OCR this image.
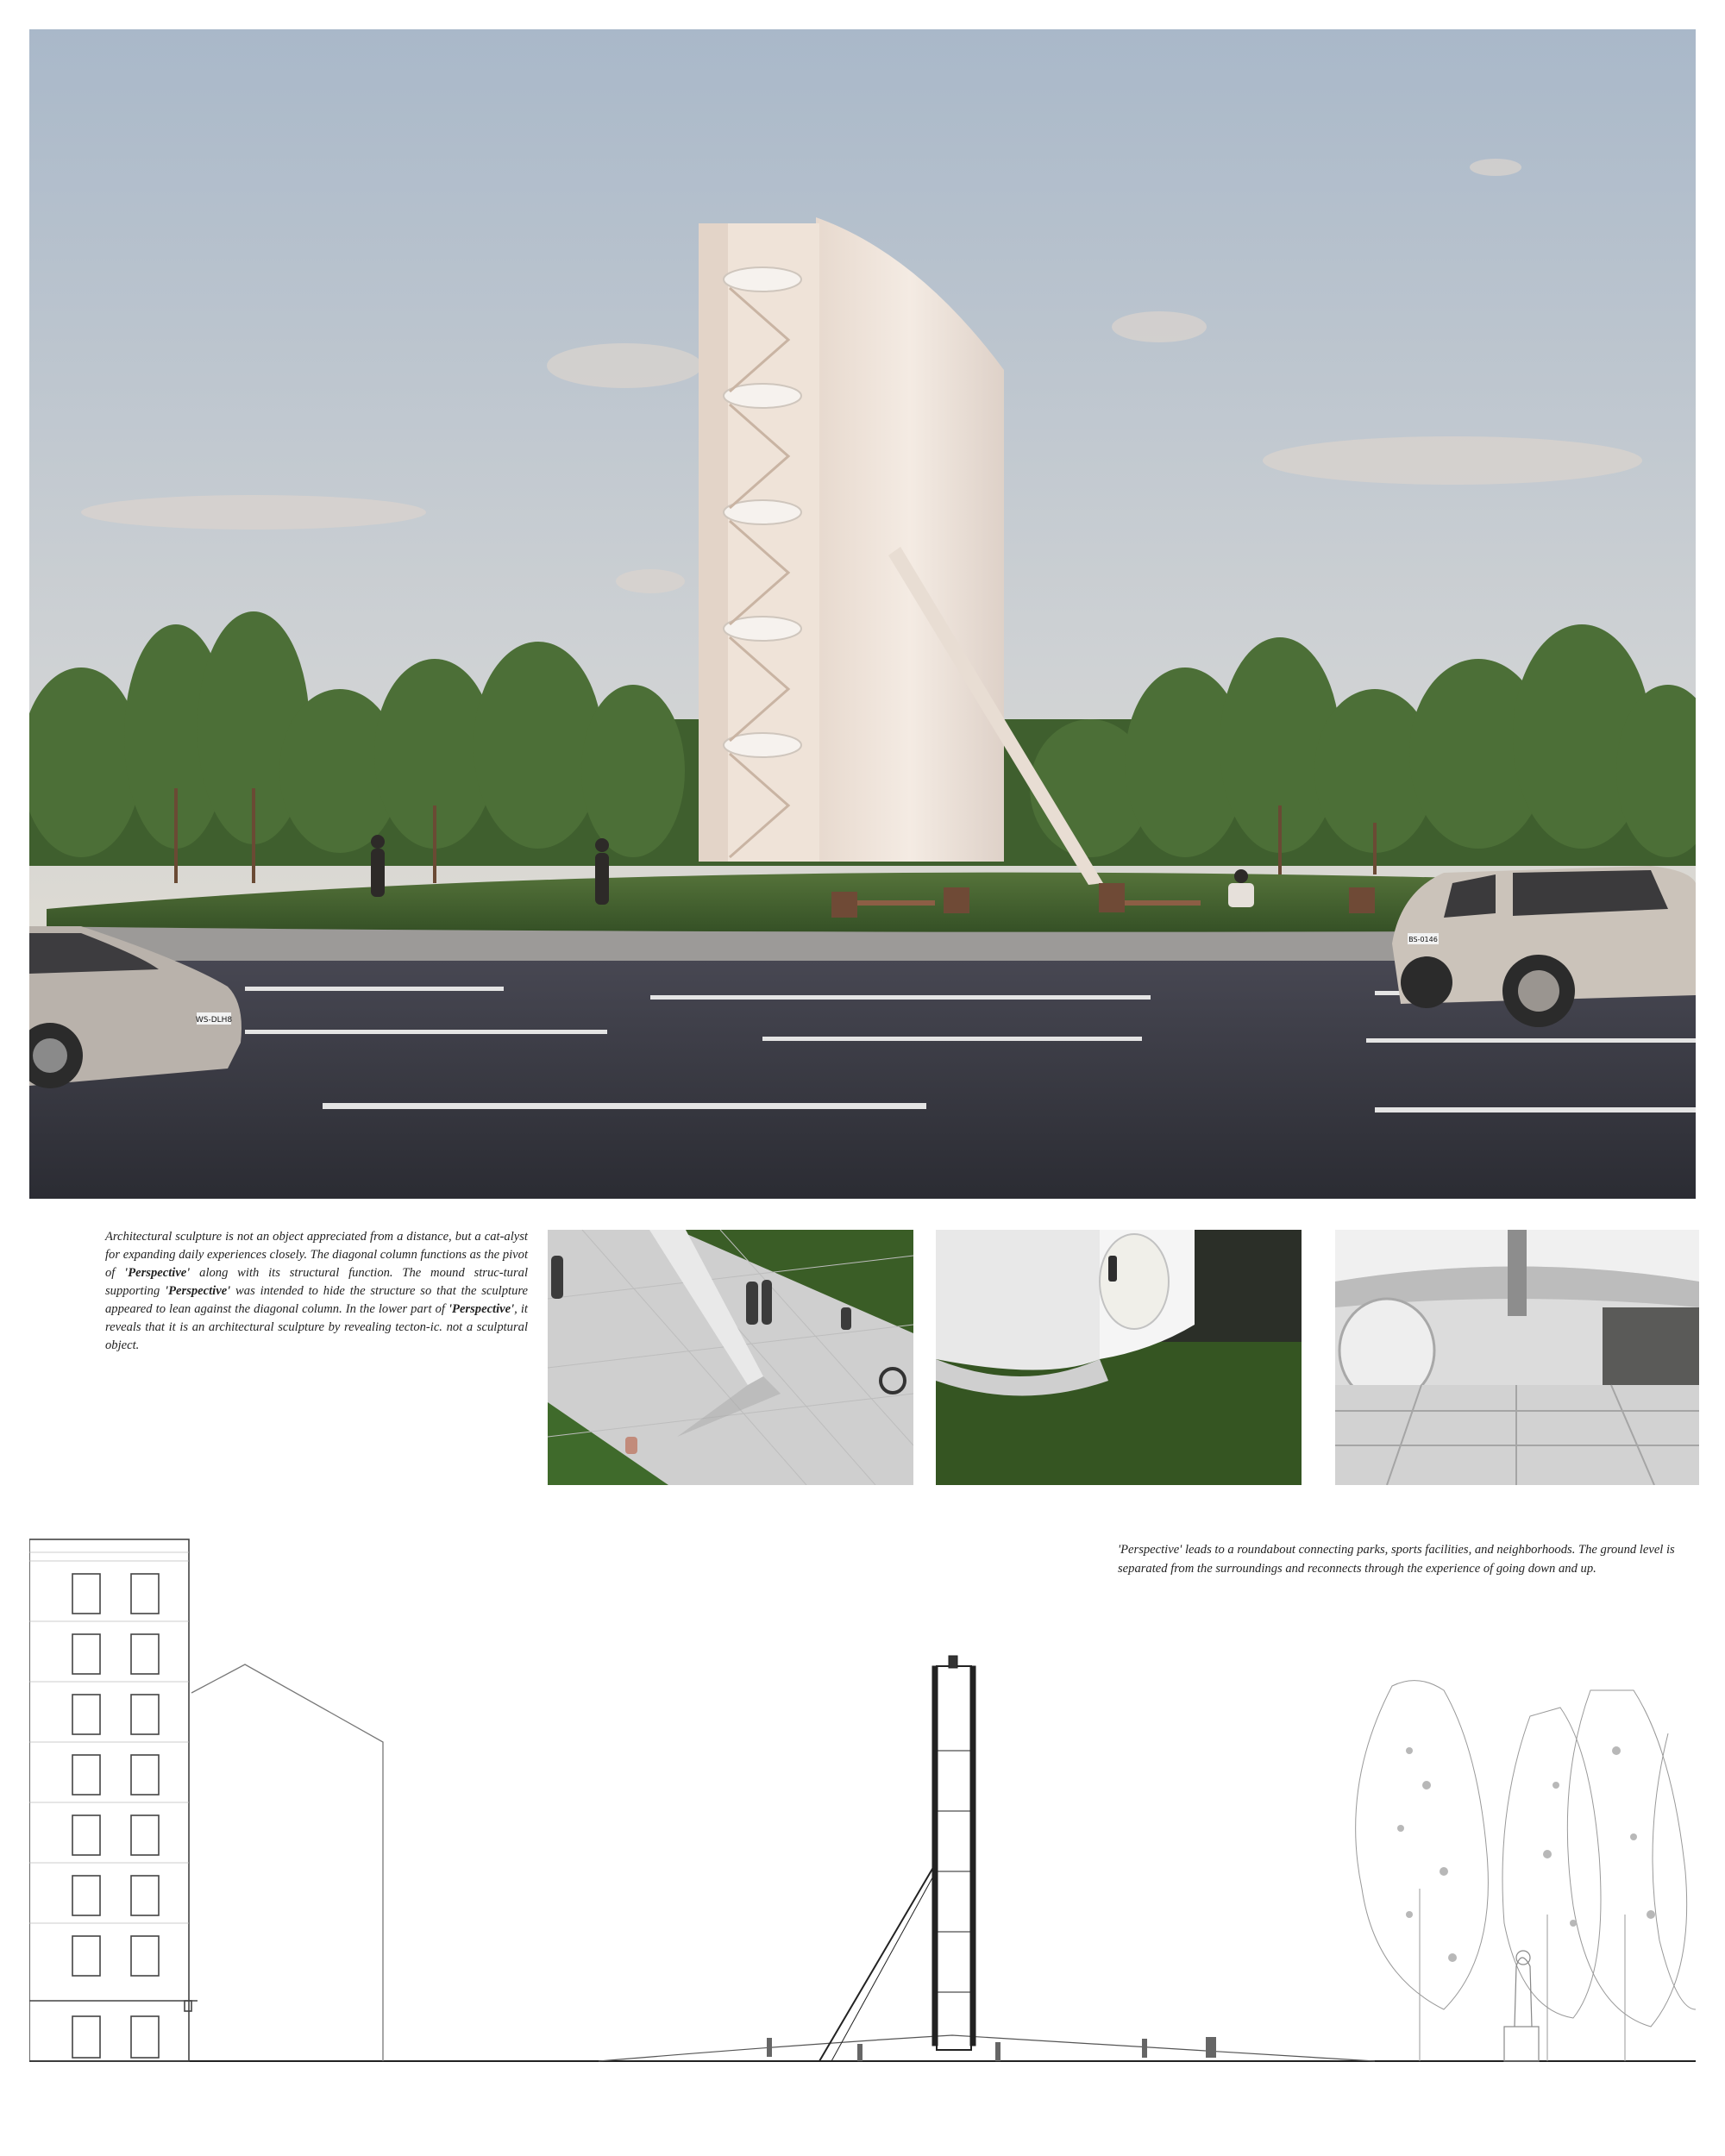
WS-DLH8
BS-0146
Architectural sculpture is not an object appreciated from a distance, but a cat-alyst for expanding daily experiences closely. The diagonal column functions as the pivot of 'Perspective' along with its structural function. The mound struc-tural supporting 'Perspective' was intended to hide the structure so that the sculpture appeared to lean against the diagonal column. In the lower part of 'Perspective', it reveals that it is an architectural sculpture by revealing tecton-ic. not a sculptural object.
'Perspective' leads to a roundabout connecting parks, sports facilities, and neighborhoods. The ground level is separated from the surroundings and reconnects through the experience of going down and up.
